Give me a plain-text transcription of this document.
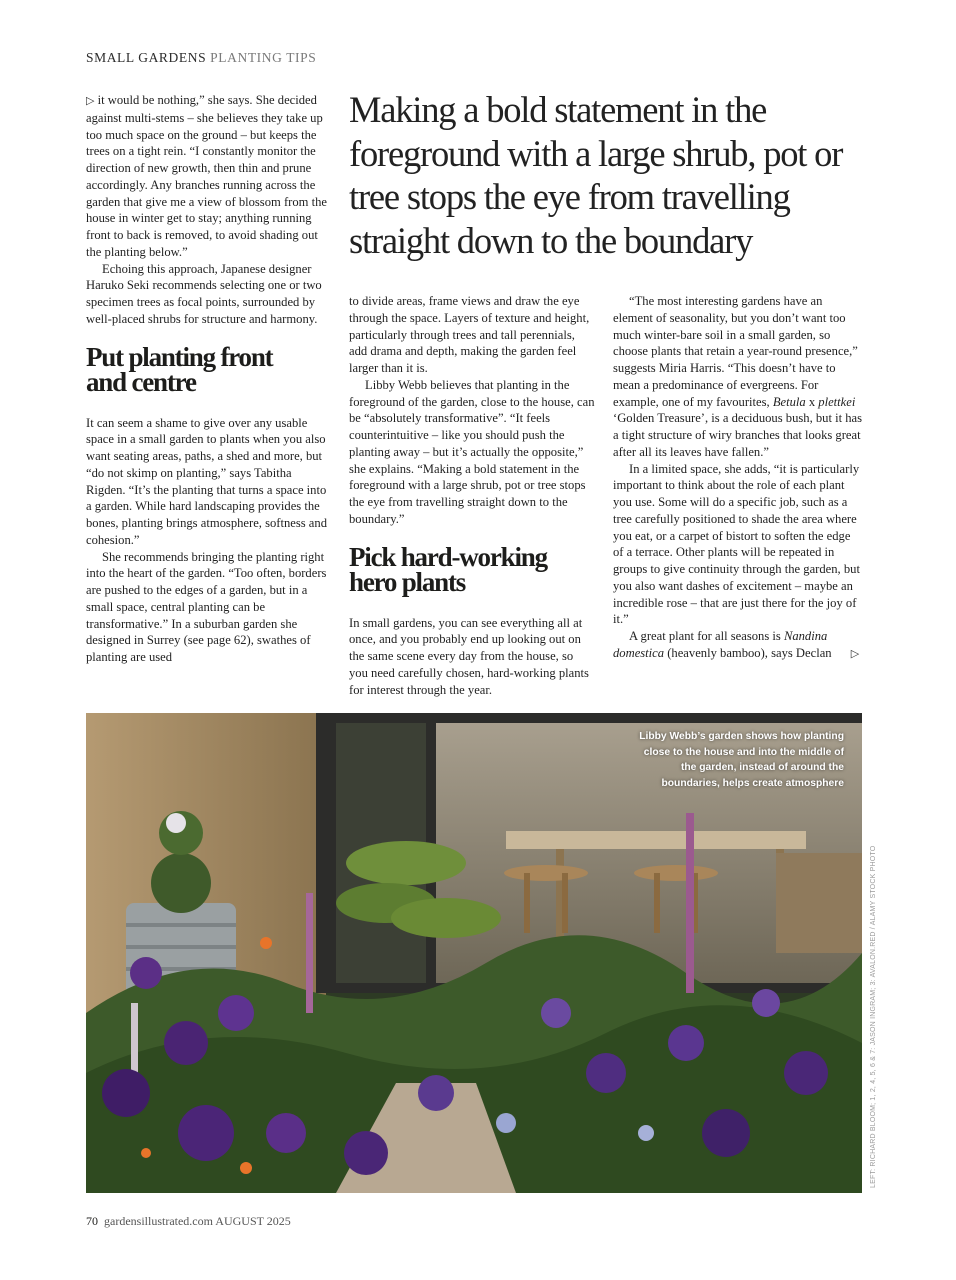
SMALL GARDENS PLANTING TIPS
Making a bold statement in the foreground with a large shrub, pot or tree stops the eye from travelling straight down to the boundary

▷ it would be nothing,” she says. She decided against multi-stems – she believes they take up too much space on the ground – but keeps the trees on a tight rein. “I constantly monitor the direction of new growth, then thin and prune accordingly. Any branches running across the garden that give me a view of blossom from the house in winter get to stay; anything running front to back is removed, to avoid shading out the planting below.”

Echoing this approach, Japanese designer Haruko Seki recommends selecting one or two specimen trees as focal points, surrounded by well-placed shrubs for structure and harmony.

Put planting front and centre

It can seem a shame to give over any usable space in a small garden to plants when you also want seating areas, paths, a shed and more, but “do not skimp on planting,” says Tabitha Rigden. “It’s the planting that turns a space into a garden. While hard landscaping provides the bones, planting brings atmosphere, softness and cohesion.”

She recommends bringing the planting right into the heart of the garden. “Too often, borders are pushed to the edges of a garden, but in a small space, central planting can be transformative.” In a suburban garden she designed in Surrey (see page 62), swathes of planting are used

to divide areas, frame views and draw the eye through the space. Layers of texture and height, particularly through trees and tall perennials, add drama and depth, making the garden feel larger than it is.

Libby Webb believes that planting in the foreground of the garden, close to the house, can be “absolutely transformative”. “It feels counterintuitive – like you should push the planting away – but it’s actually the opposite,” she explains. “Making a bold statement in the foreground with a large shrub, pot or tree stops the eye from travelling straight down to the boundary.”

Pick hard-working hero plants

In small gardens, you can see everything all at once, and you probably end up looking out on the same scene every day from the house, so you need carefully chosen, hard-working plants for interest through the year.

“The most interesting gardens have an element of seasonality, but you don’t want too much winter-bare soil in a small garden, so choose plants that retain a year-round presence,” suggests Miria Harris. “This doesn’t have to mean a predominance of evergreens. For example, one of my favourites, Betula x plettkei ‘Golden Treasure’, is a deciduous bush, but it has a tight structure of wiry branches that looks great after all its leaves have fallen.”

In a limited space, she adds, “it is particularly important to think about the role of each plant you use. Some will do a specific job, such as a tree carefully positioned to shade the area where you eat, or a carpet of bistort to soften the edge of a terrace. Other plants will be repeated in groups to give continuity through the garden, but you also want dashes of excitement – maybe an incredible rose – that are just there for the joy of it.”

A great plant for all seasons is Nandina domestica (heavenly bamboo), says Declan ▷

Libby Webb’s garden shows how planting close to the house and into the middle of the garden, instead of around the boundaries, helps create atmosphere
LEFT: RICHARD BLOOM; 1, 2, 4, 5, 6 & 7: JASON INGRAM; 3: AVALON.RED / ALAMY STOCK PHOTO
70 gardensillustrated.com AUGUST 2025
